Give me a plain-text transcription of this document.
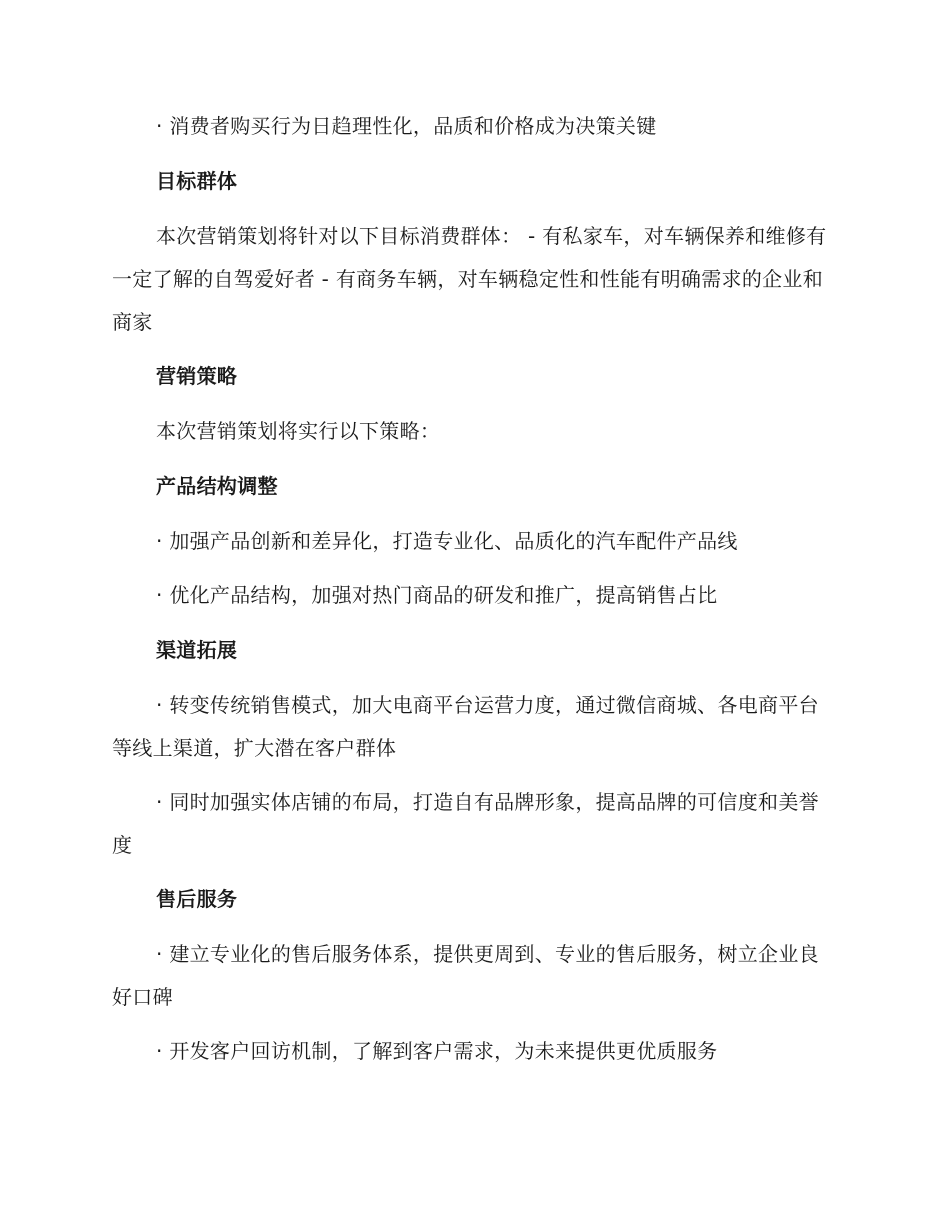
· 消费者购买行为日趋理性化，品质和价格成为决策关键

目标群体

本次营销策划将针对以下目标消费群体： - 有私家车，对车辆保养和维修有一定了解的自驾爱好者 - 有商务车辆，对车辆稳定性和性能有明确需求的企业和商家

营销策略

本次营销策划将实行以下策略：

产品结构调整

· 加强产品创新和差异化，打造专业化、品质化的汽车配件产品线

· 优化产品结构，加强对热门商品的研发和推广，提高销售占比

渠道拓展

· 转变传统销售模式，加大电商平台运营力度，通过微信商城、各电商平台等线上渠道，扩大潜在客户群体

· 同时加强实体店铺的布局，打造自有品牌形象，提高品牌的可信度和美誉度

售后服务

· 建立专业化的售后服务体系，提供更周到、专业的售后服务，树立企业良好口碑

· 开发客户回访机制，了解到客户需求，为未来提供更优质服务
